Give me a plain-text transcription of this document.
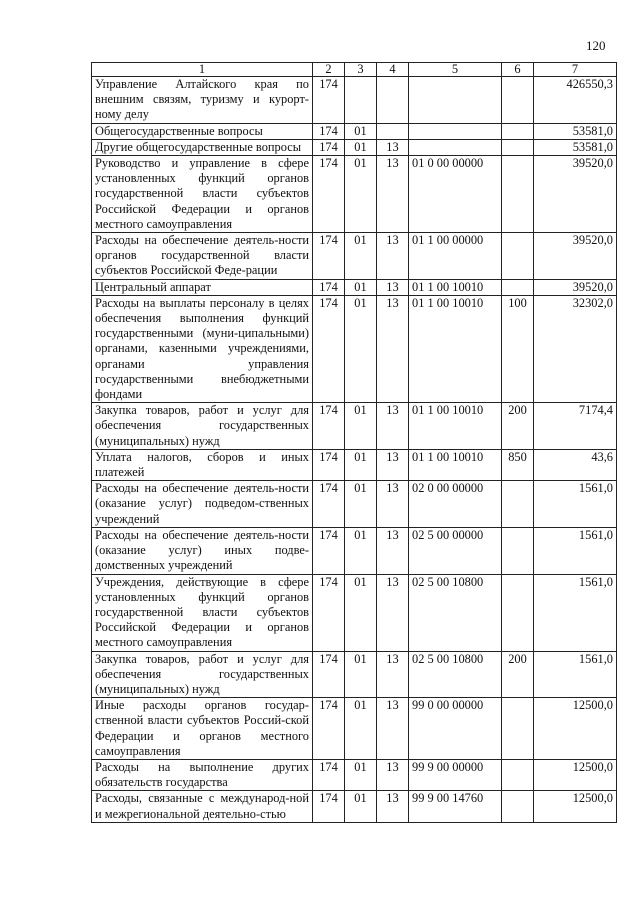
120
1	2	3	4	5	6	7
Управление Алтайского края по внешним связям, туризму и курорт-ному делу	174					426550,3
Общегосударственные вопросы	174	01				53581,0
Другие общегосударственные вопросы	174	01	13			53581,0
Руководство и управление в сфере установленных функций органов государственной власти субъектов Российской Федерации и органов местного самоуправления	174	01	13	01 0 00 00000		39520,0
Расходы на обеспечение деятель-ности органов государственной власти субъектов Российской Феде-рации	174	01	13	01 1 00 00000		39520,0
Центральный аппарат	174	01	13	01 1 00 10010		39520,0
Расходы на выплаты персоналу в целях обеспечения выполнения функций государственными (муни-ципальными) органами, казенными учреждениями, органами управления государственными внебюджетными фондами	174	01	13	01 1 00 10010	100	32302,0
Закупка товаров, работ и услуг для обеспечения государственных (муниципальных) нужд	174	01	13	01 1 00 10010	200	7174,4
Уплата налогов, сборов и иных платежей	174	01	13	01 1 00 10010	850	43,6
Расходы на обеспечение деятель-ности (оказание услуг) подведом-ственных учреждений	174	01	13	02 0 00 00000		1561,0
Расходы на обеспечение деятель-ности (оказание услуг) иных подве-домственных учреждений	174	01	13	02 5 00 00000		1561,0
Учреждения, действующие в сфере установленных функций органов государственной власти субъектов Российской Федерации и органов местного самоуправления	174	01	13	02 5 00 10800		1561,0
Закупка товаров, работ и услуг для обеспечения государственных (муниципальных) нужд	174	01	13	02 5 00 10800	200	1561,0
Иные расходы органов государ-ственной власти субъектов Россий-ской Федерации и органов местного самоуправления	174	01	13	99 0 00 00000		12500,0
Расходы на выполнение других обязательств государства	174	01	13	99 9 00 00000		12500,0
Расходы, связанные с международ-ной и межрегиональной деятельно-стью	174	01	13	99 9 00 14760		12500,0
